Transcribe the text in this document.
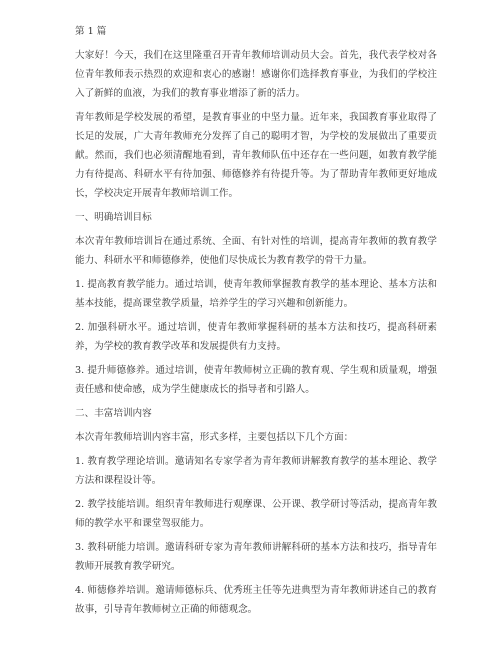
第 1 篇

大家好！今天，我们在这里隆重召开青年教师培训动员大会。首先，我代表学校对各位青年教师表示热烈的欢迎和衷心的感谢！感谢你们选择教育事业，为我们的学校注入了新鲜的血液，为我们的教育事业增添了新的活力。

青年教师是学校发展的希望，是教育事业的中坚力量。近年来，我国教育事业取得了长足的发展，广大青年教师充分发挥了自己的聪明才智，为学校的发展做出了重要贡献。然而，我们也必须清醒地看到，青年教师队伍中还存在一些问题，如教育教学能力有待提高、科研水平有待加强、师德修养有待提升等。为了帮助青年教师更好地成长，学校决定开展青年教师培训工作。

一、明确培训目标

本次青年教师培训旨在通过系统、全面、有针对性的培训，提高青年教师的教育教学能力、科研水平和师德修养，使他们尽快成长为教育教学的骨干力量。

1. 提高教育教学能力。通过培训，使青年教师掌握教育教学的基本理论、基本方法和基本技能，提高课堂教学质量，培养学生的学习兴趣和创新能力。

2. 加强科研水平。通过培训，使青年教师掌握科研的基本方法和技巧，提高科研素养，为学校的教育教学改革和发展提供有力支持。

3. 提升师德修养。通过培训，使青年教师树立正确的教育观、学生观和质量观，增强责任感和使命感，成为学生健康成长的指导者和引路人。

二、丰富培训内容

本次青年教师培训内容丰富，形式多样，主要包括以下几个方面：

1. 教育教学理论培训。邀请知名专家学者为青年教师讲解教育教学的基本理论、教学方法和课程设计等。

2. 教学技能培训。组织青年教师进行观摩课、公开课、教学研讨等活动，提高青年教师的教学水平和课堂驾驭能力。

3. 教科研能力培训。邀请科研专家为青年教师讲解科研的基本方法和技巧，指导青年教师开展教育教学研究。

4. 师德修养培训。邀请师德标兵、优秀班主任等先进典型为青年教师讲述自己的教育故事，引导青年教师树立正确的师德观念。
